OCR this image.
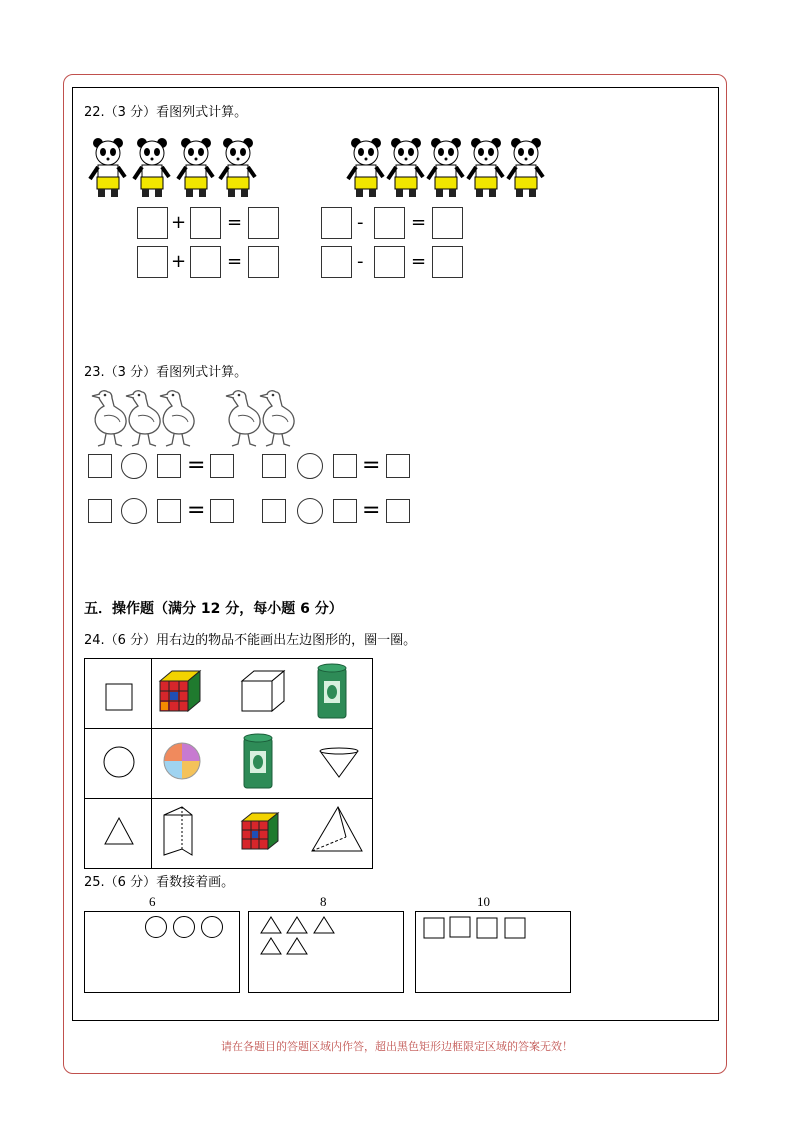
22.（3 分）看图列式计算。
+ =	-	=
+ =	-	=
23.（3 分）看图列式计算。
=	=
=	=
五．操作题（满分 12 分，每小题 6 分）
24.（6 分）用右边的物品不能画出左边图形的，圈一圈。

25.（6 分）看数接着画。
6	8	10
请在各题目的答题区域内作答，超出黑色矩形边框限定区域的答案无效！
